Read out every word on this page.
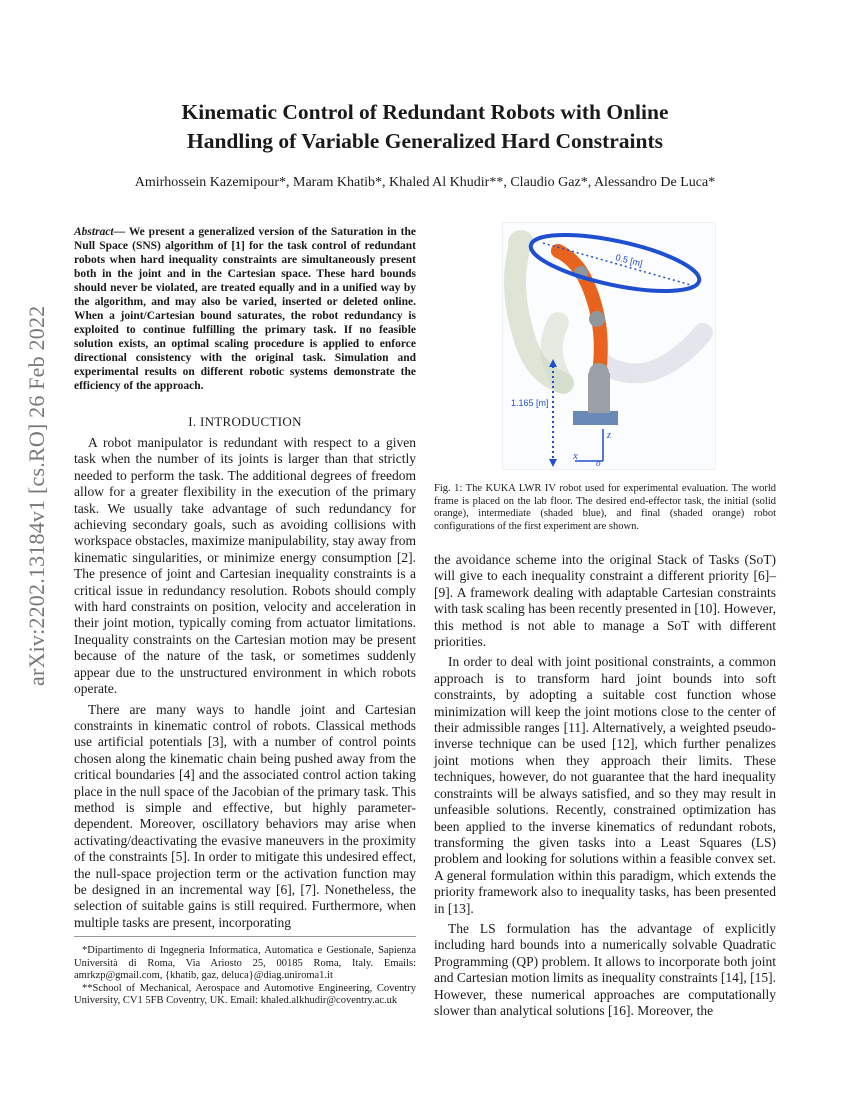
arXiv:2202.13184v1 [cs.RO] 26 Feb 2022
Kinematic Control of Redundant Robots with Online
Handling of Variable Generalized Hard Constraints
Amirhossein Kazemipour*, Maram Khatib*, Khaled Al Khudir**, Claudio Gaz*, Alessandro De Luca*
Abstract— We present a generalized version of the Saturation in the Null Space (SNS) algorithm of [1] for the task control of redundant robots when hard inequality constraints are simultaneously present both in the joint and in the Cartesian space. These hard bounds should never be violated, are treated equally and in a unified way by the algorithm, and may also be varied, inserted or deleted online. When a joint/Cartesian bound saturates, the robot redundancy is exploited to continue fulfilling the primary task. If no feasible solution exists, an optimal scaling procedure is applied to enforce directional consistency with the original task. Simulation and experimental results on different robotic systems demonstrate the efficiency of the approach.
I. INTRODUCTION

A robot manipulator is redundant with respect to a given task when the number of its joints is larger than that strictly needed to perform the task. The additional degrees of freedom allow for a greater flexibility in the execution of the primary task. We usually take advantage of such redundancy for achieving secondary goals, such as avoiding collisions with workspace obstacles, maximize manipulability, stay away from kinematic singularities, or minimize energy consumption [2]. The presence of joint and Cartesian inequality constraints is a critical issue in redundancy resolution. Robots should comply with hard constraints on position, velocity and acceleration in their joint motion, typically coming from actuator limitations. Inequality constraints on the Cartesian motion may be present because of the nature of the task, or sometimes suddenly appear due to the unstructured environment in which robots operate.

There are many ways to handle joint and Cartesian constraints in kinematic control of robots. Classical methods use artificial potentials [3], with a number of control points chosen along the kinematic chain being pushed away from the critical boundaries [4] and the associated control action taking place in the null space of the Jacobian of the primary task. This method is simple and effective, but highly parameter-dependent. Moreover, oscillatory behaviors may arise when activating/deactivating the evasive maneuvers in the proximity of the constraints [5]. In order to mitigate this undesired effect, the null-space projection term or the activation function may be designed in an incremental way [6], [7]. Nonetheless, the selection of suitable gains is still required. Furthermore, when multiple tasks are present, incorporating

*Dipartimento di Ingegneria Informatica, Automatica e Gestionale, Sapienza Università di Roma, Via Ariosto 25, 00185 Roma, Italy. Emails: amrkzp@gmail.com, {khatib, gaz, deluca}@diag.uniroma1.it

**School of Mechanical, Aerospace and Automotive Engineering, Coventry University, CV1 5FB Coventry, UK. Email: khaled.alkhudir@coventry.ac.uk

0.5 [m]
1.165 [m]
z
x
o
Fig. 1: The KUKA LWR IV robot used for experimental evaluation. The world frame is placed on the lab floor. The desired end-effector task, the initial (solid orange), intermediate (shaded blue), and final (shaded orange) robot configurations of the first experiment are shown.

the avoidance scheme into the original Stack of Tasks (SoT) will give to each inequality constraint a different priority [6]–[9]. A framework dealing with adaptable Cartesian constraints with task scaling has been recently presented in [10]. However, this method is not able to manage a SoT with different priorities.

In order to deal with joint positional constraints, a common approach is to transform hard joint bounds into soft constraints, by adopting a suitable cost function whose minimization will keep the joint motions close to the center of their admissible ranges [11]. Alternatively, a weighted pseudo-inverse technique can be used [12], which further penalizes joint motions when they approach their limits. These techniques, however, do not guarantee that the hard inequality constraints will be always satisfied, and so they may result in unfeasible solutions. Recently, constrained optimization has been applied to the inverse kinematics of redundant robots, transforming the given tasks into a Least Squares (LS) problem and looking for solutions within a feasible convex set. A general formulation within this paradigm, which extends the priority framework also to inequality tasks, has been presented in [13].

The LS formulation has the advantage of explicitly including hard bounds into a numerically solvable Quadratic Programming (QP) problem. It allows to incorporate both joint and Cartesian motion limits as inequality constraints [14], [15]. However, these numerical approaches are computationally slower than analytical solutions [16]. Moreover, the
